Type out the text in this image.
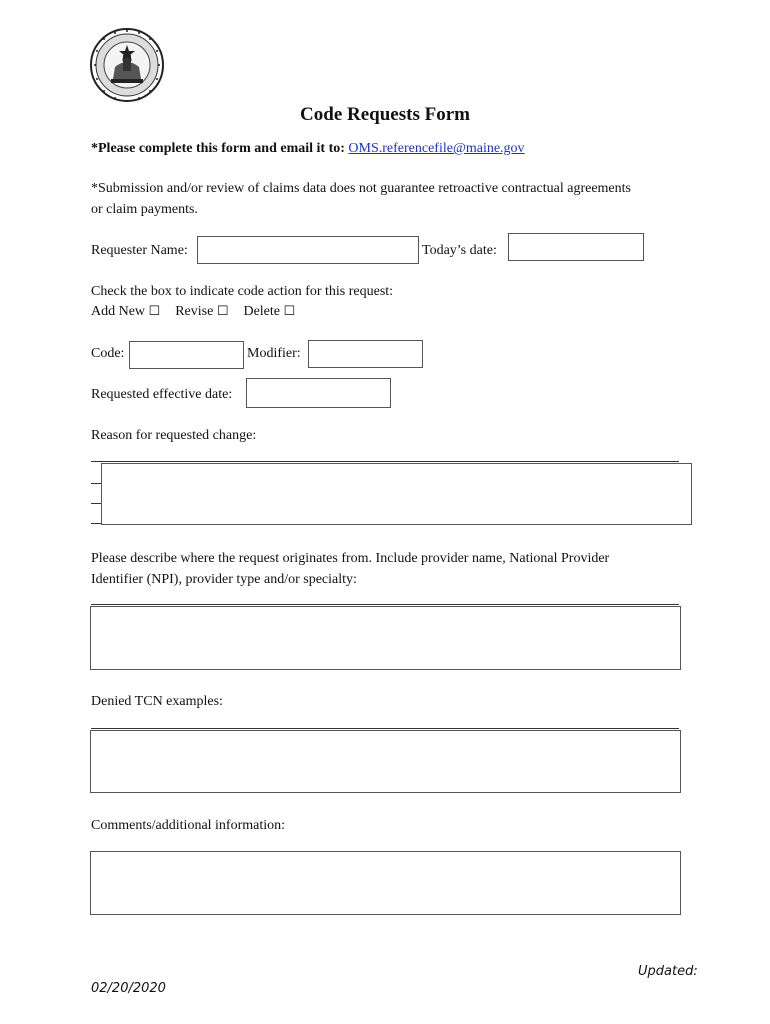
Code Requests Form
*Please complete this form and email it to: OMS.referencefile@maine.gov
*Submission and/or review of claims data does not guarantee retroactive contractual agreements
or claim payments.
Requester Name:	Today’s date:
Check the box to indicate code action for this request:
Add New ☐ Revise ☐ Delete ☐
Code:	Modifier:
Requested effective date:
Reason for requested change:
Please describe where the request originates from. Include provider name, National Provider
Identifier (NPI), provider type and/or specialty:
Denied TCN examples:
Comments/additional information:
Updated:
02/20/2020
